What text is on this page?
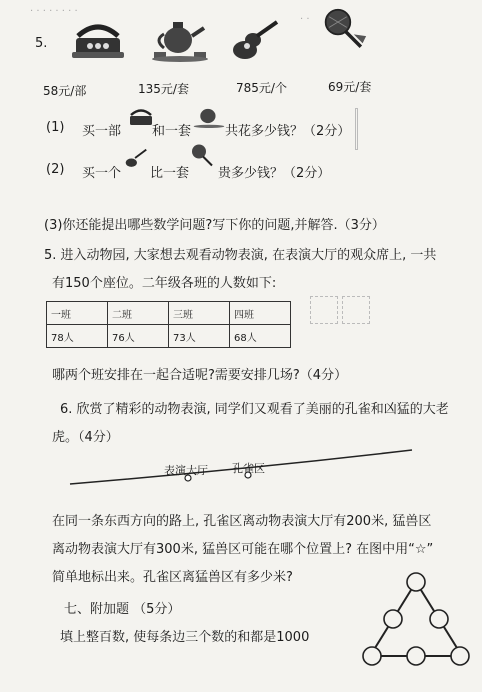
· · · · · · · ·
· ·
5.
58元/部	135元/套	785元/个	69元/套
(1) 买一部 和一套	共花多少钱？（2分）
(2) 买一个 比一套 贵多少钱？（2分）
(3)你还能提出哪些数学问题?写下你的问题,并解答.（3分）
5. 进入动物园, 大家想去观看动物表演, 在表演大厅的观众席上, 一共
有150个座位。二年级各班的人数如下:
一班	二班	三班	四班
78人	76人	73人	68人
哪两个班安排在一起合适呢?需要安排几场?（4分）
6. 欣赏了精彩的动物表演, 同学们又观看了美丽的孔雀和凶猛的大老
虎。（4分）
表演大厅 孔雀区
在同一条东西方向的路上, 孔雀区离动物表演大厅有200米, 猛兽区
离动物表演大厅有300米, 猛兽区可能在哪个位置上? 在图中用“☆”
简单地标出来。孔雀区离猛兽区有多少米?
七、附加题 （5分）
填上整百数, 使每条边三个数的和都是1000
